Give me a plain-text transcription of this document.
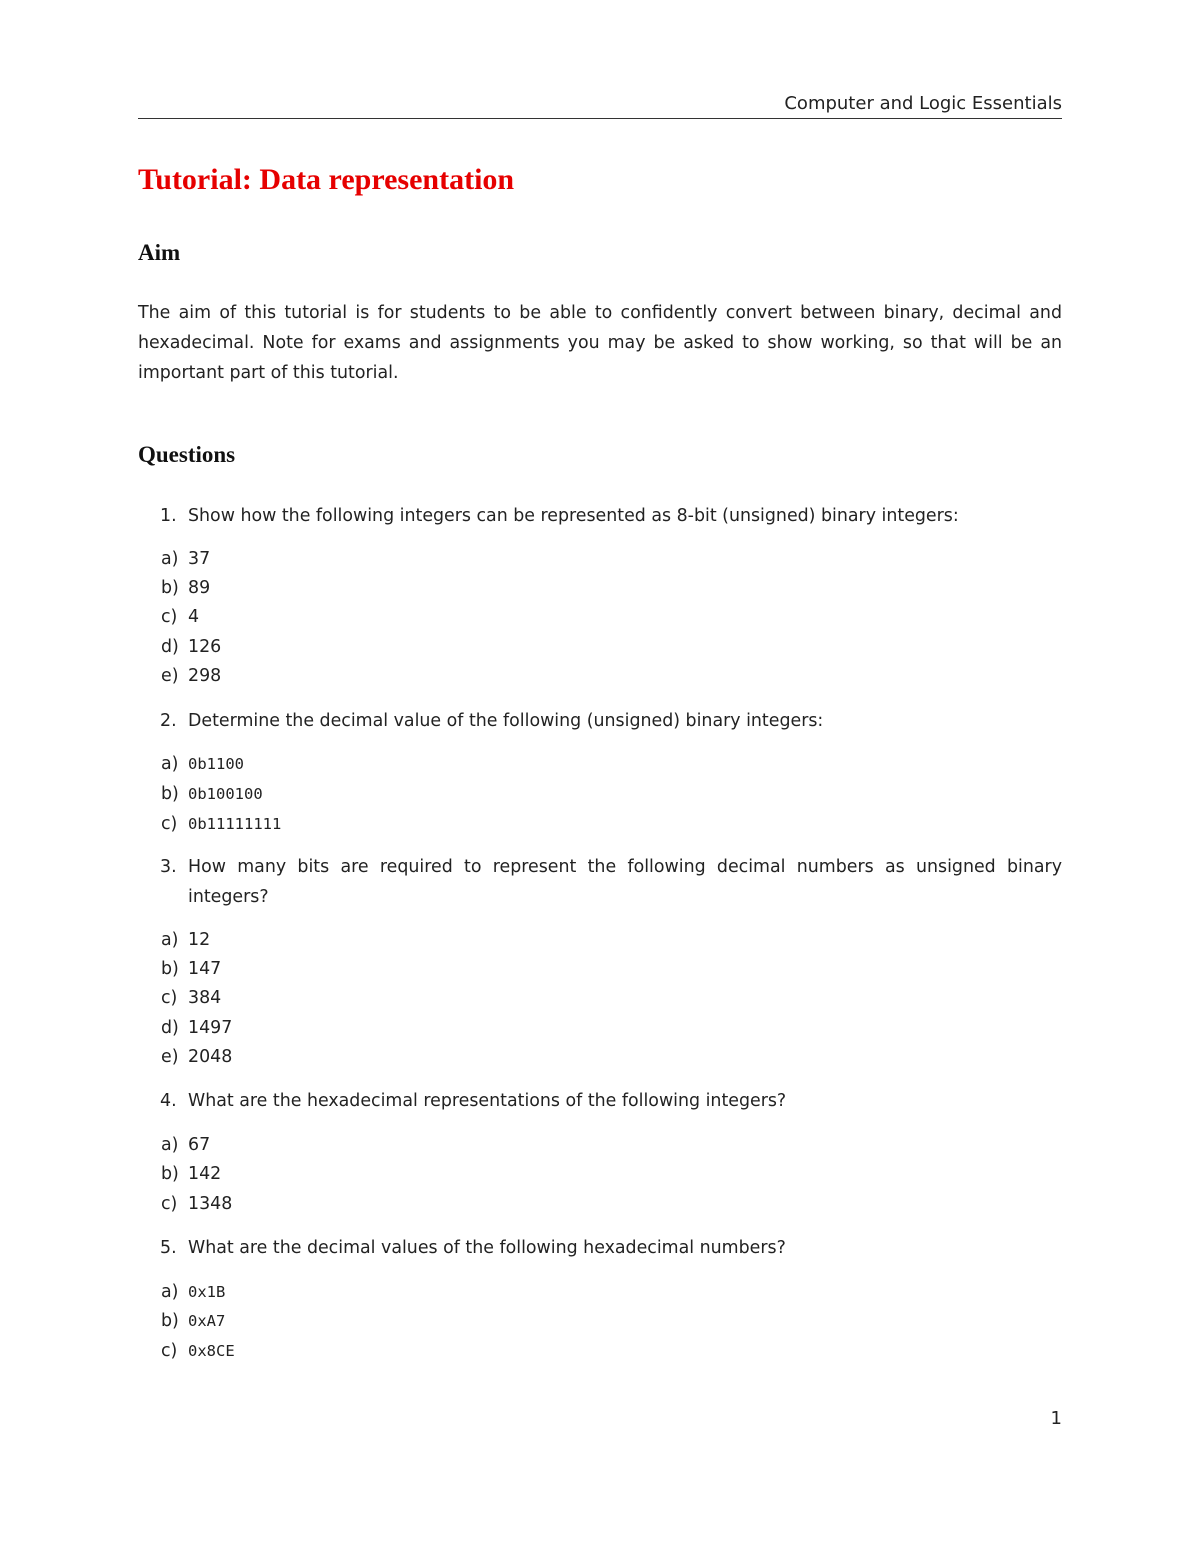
Computer and Logic Essentials
Tutorial: Data representation
Aim

The aim of this tutorial is for students to be able to confidently convert between binary, decimal and hexadecimal. Note for exams and assignments you may be asked to show working, so that will be an important part of this tutorial.

Questions
1. Show how the following integers can be represented as 8-bit (unsigned) binary integers:
a) 37
b) 89
c) 4
d) 126
e) 298
2. Determine the decimal value of the following (unsigned) binary integers:
a) 0b1100
b) 0b100100
c) 0b11111111
3. How many bits are required to represent the following decimal numbers as unsigned binary integers?
a) 12
b) 147
c) 384
d) 1497
e) 2048
4. What are the hexadecimal representations of the following integers?
a) 67
b) 142
c) 1348
5. What are the decimal values of the following hexadecimal numbers?
a) 0x1B
b) 0xA7
c) 0x8CE
1
